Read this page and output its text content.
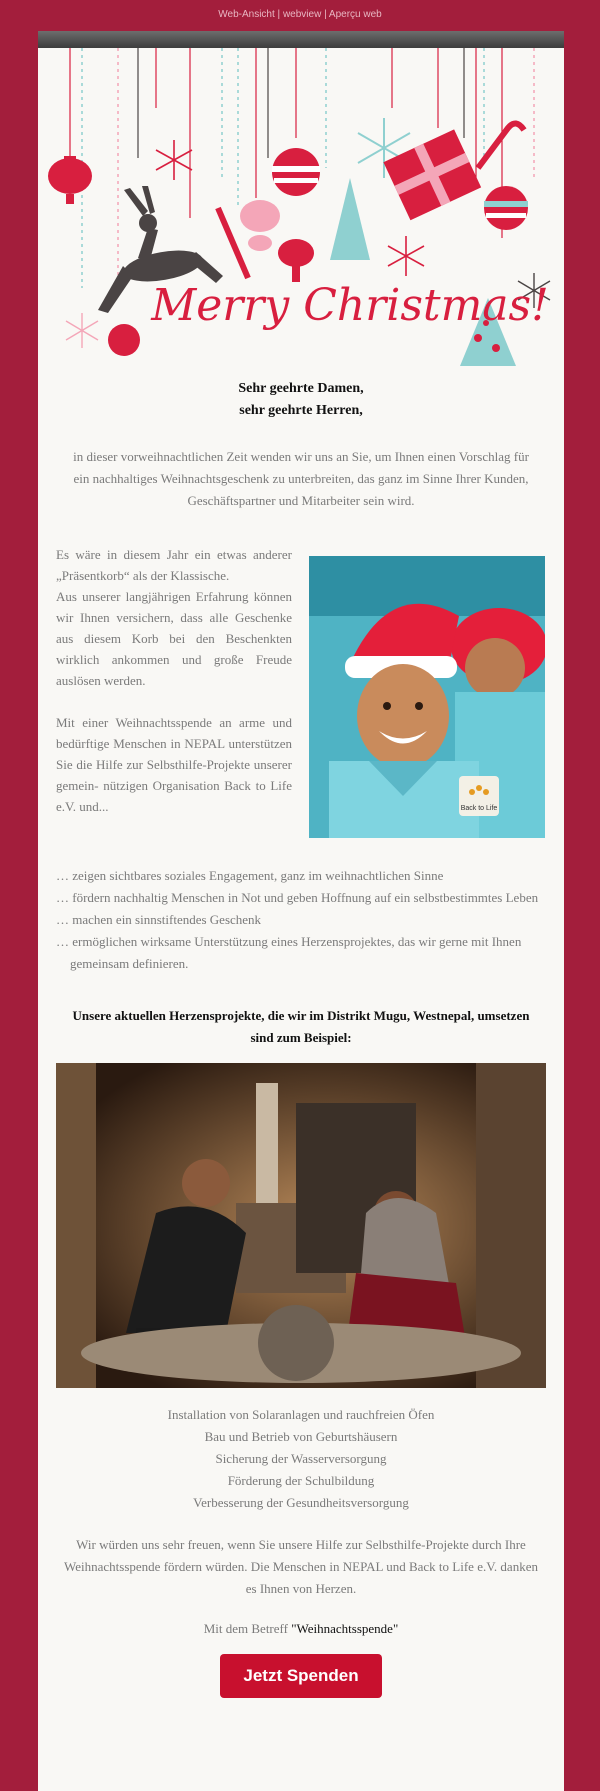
Web-Ansicht | webview | Aperçu web
Merry Christmas!
Sehr geehrte Damen,
sehr geehrte Herren,
in dieser vorweihnachtlichen Zeit wenden wir uns an Sie, um Ihnen einen Vorschlag für ein nachhaltiges Weihnachtsgeschenk zu unterbreiten, das ganz im Sinne Ihrer Kunden, Geschäftspartner und Mitarbeiter sein wird.

Es wäre in diesem Jahr ein etwas anderer „Präsentkorb“ als der Klassische.

Aus unserer langjährigen Erfahrung können wir Ihnen versichern, dass alle Geschenke aus diesem Korb bei den Beschenkten wirklich ankommen und große Freude auslösen werden.

Mit einer Weihnachtsspende an arme und bedürftige Menschen in NEPAL unterstützen Sie die Hilfe zur Selbsthilfe-Projekte unserer gemein- nützigen Organisation Back to Life e.V. und...	Back to Life
… zeigen sichtbares soziales Engagement, ganz im weihnachtlichen Sinne
… fördern nachhaltig Menschen in Not und geben Hoffnung auf ein selbstbestimmtes Leben
… machen ein sinnstiftendes Geschenk
… ermöglichen wirksame Unterstützung eines Herzensprojektes, das wir gerne mit Ihnen gemeinsam definieren.
Unsere aktuellen Herzensprojekte, die wir im Distrikt Mugu, Westnepal, umsetzen sind zum Beispiel:
Installation von Solaranlagen und rauchfreien Öfen
Bau und Betrieb von Geburtshäusern
Sicherung der Wasserversorgung
Förderung der Schulbildung
Verbesserung der Gesundheitsversorgung
Wir würden uns sehr freuen, wenn Sie unsere Hilfe zur Selbsthilfe-Projekte durch Ihre Weihnachtsspende fördern würden. Die Menschen in NEPAL und Back to Life e.V. danken es Ihnen von Herzen.
Mit dem Betreff "Weihnachtsspende"
Jetzt Spenden
